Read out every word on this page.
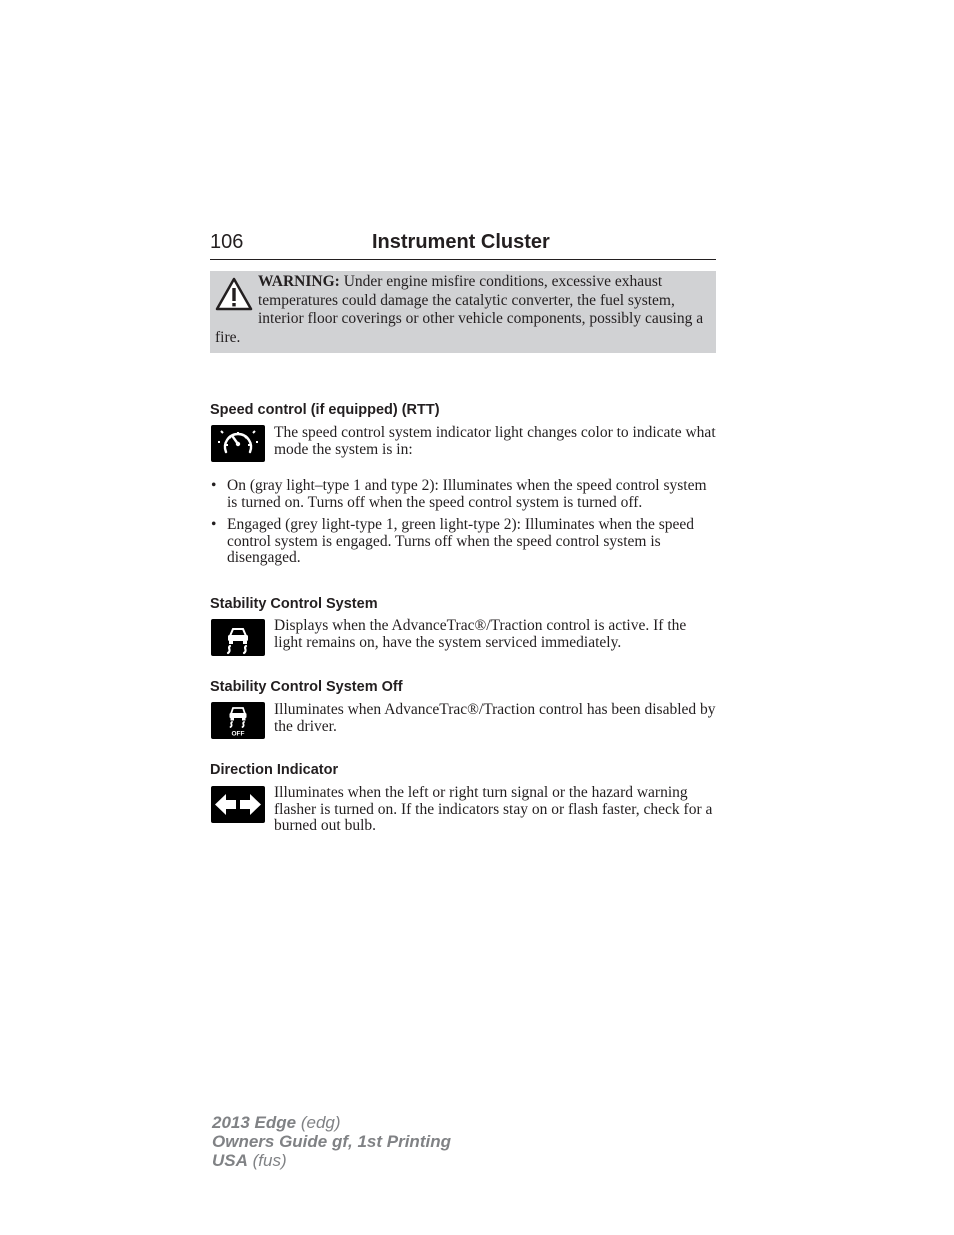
106	Instrument Cluster
WARNING: Under engine misfire conditions, excessive exhaust temperatures could damage the catalytic converter, the fuel system, interior floor coverings or other vehicle components, possibly causing a fire.
Speed control (if equipped) (RTT)

The speed control system indicator light changes color to indicate what mode the system is in:

• On (gray light–type 1 and type 2): Illuminates when the speed control system is turned on. Turns off when the speed control system is turned off.
• Engaged (grey light-type 1, green light-type 2): Illuminates when the speed control system is engaged. Turns off when the speed control system is disengaged.
Stability Control System

Displays when the AdvanceTrac®/Traction control is active. If the light remains on, have the system serviced immediately.

Stability Control System Off
OFF

Illuminates when AdvanceTrac®/Traction control has been disabled by the driver.

Direction Indicator

Illuminates when the left or right turn signal or the hazard warning flasher is turned on. If the indicators stay on or flash faster, check for a burned out bulb.

2013 Edge (edg)
Owners Guide gf, 1st Printing
USA (fus)
